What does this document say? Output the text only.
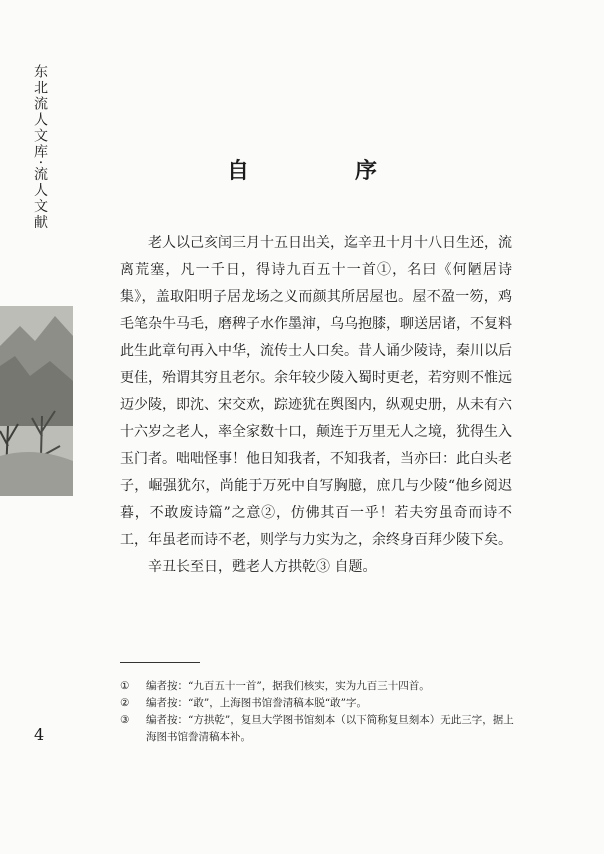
东北流人文库·流人文献	自　序

老人以己亥闰三月十五日出关，迄辛丑十月十八日生还，流离荒塞，凡一千日，得诗九百五十一首①，名曰《何陋居诗集》，盖取阳明子居龙场之义而颜其所居屋也。屋不盈一笏，鸡毛笔杂牛马毛，磨稗子水作墨渖，乌乌抱膝，聊送居诸，不复料此生此章句再入中华，流传士人口矣。昔人诵少陵诗，秦川以后更佳，殆谓其穷且老尔。余年较少陵入蜀时更老，若穷则不惟远迈少陵，即沈、宋交欢，踪迹犹在舆图内，纵观史册，从未有六十六岁之老人，率全家数十口，颠连于万里无人之境，犹得生入玉门者。咄咄怪事！他日知我者，不知我者，当亦曰：此白头老子，崛强犹尔，尚能于万死中自写胸臆，庶几与少陵“他乡阅迟暮，不敢废诗篇”之意②，仿佛其百一乎！若夫穷虽奇而诗不工，年虽老而诗不老，则学与力实为之，余终身百拜少陵下矣。

辛丑长至日，甦老人方拱乾③ 自题。

①	编者按：“九百五十一首”，据我们核实，实为九百三十四首。
②	编者按：“敢”，上海图书馆誊清稿本脱“敢”字。
③	编者按：“方拱乾”，复旦大学图书馆刻本（以下简称复旦刻本）无此三字，据上海图书馆誊清稿本补。
4
